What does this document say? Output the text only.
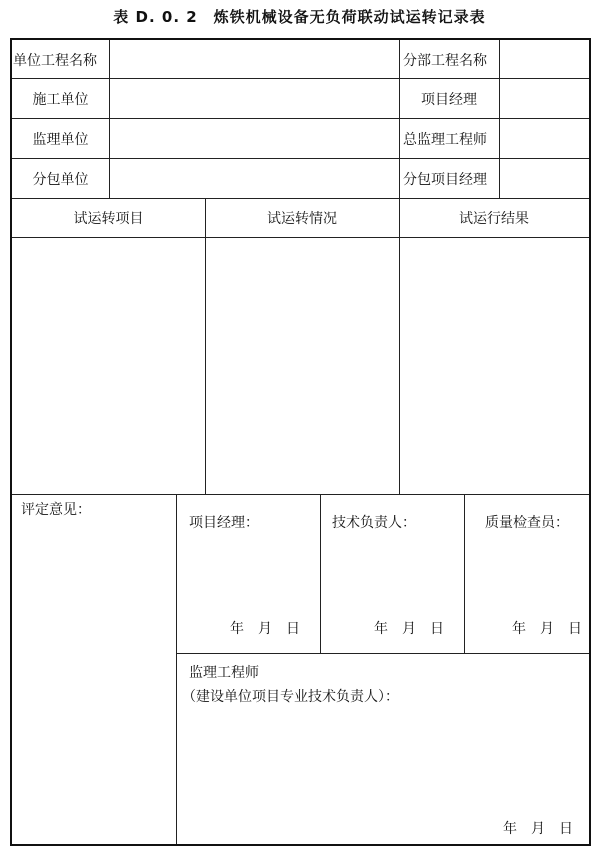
表 D. 0. 2　炼铁机械设备无负荷联动试运转记录表
单位工程名称	分部工程名称
施工单位	项目经理
监理单位	总监理工程师
分包单位	分包项目经理
试运转项目	试运转情况	试运行结果
评定意见：
项目经理：	技术负责人：	质量检查员：
年　月　日	年　月　日	年　月　日
监理工程师
（建设单位项目专业技术负责人）：
年　月　日
